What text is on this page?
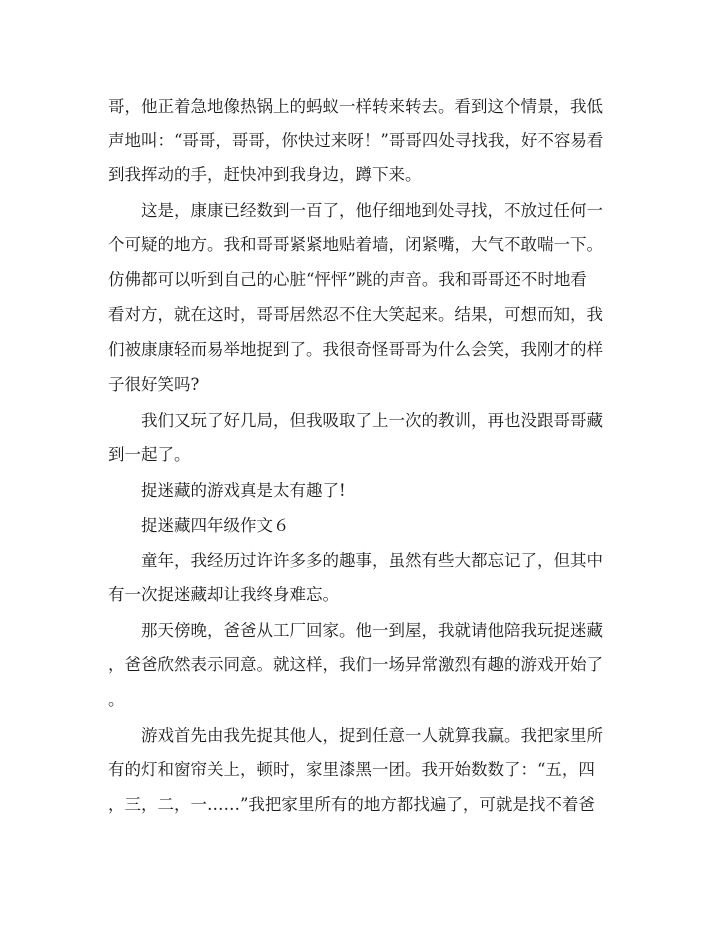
哥，他正着急地像热锅上的蚂蚁一样转来转去。看到这个情景，我低

声地叫：“哥哥，哥哥，你快过来呀！”哥哥四处寻找我，好不容易看

到我挥动的手，赶快冲到我身边，蹲下来。

这是，康康已经数到一百了，他仔细地到处寻找，不放过任何一

个可疑的地方。我和哥哥紧紧地贴着墙，闭紧嘴，大气不敢喘一下。

仿佛都可以听到自己的心脏“怦怦”跳的声音。我和哥哥还不时地看

看对方，就在这时，哥哥居然忍不住大笑起来。结果，可想而知，我

们被康康轻而易举地捉到了。我很奇怪哥哥为什么会笑，我刚才的样

子很好笑吗?

我们又玩了好几局，但我吸取了上一次的教训，再也没跟哥哥藏

到一起了。

捉迷藏的游戏真是太有趣了!

捉迷藏四年级作文６

童年，我经历过许许多多的趣事，虽然有些大都忘记了，但其中

有一次捉迷藏却让我终身难忘。

那天傍晚，爸爸从工厂回家。他一到屋，我就请他陪我玩捉迷藏

，爸爸欣然表示同意。就这样，我们一场异常激烈有趣的游戏开始了

。

游戏首先由我先捉其他人，捉到任意一人就算我赢。我把家里所

有的灯和窗帘关上，顿时，家里漆黑一团。我开始数数了：“五，四

，三，二，一……”我把家里所有的地方都找遍了，可就是找不着爸
